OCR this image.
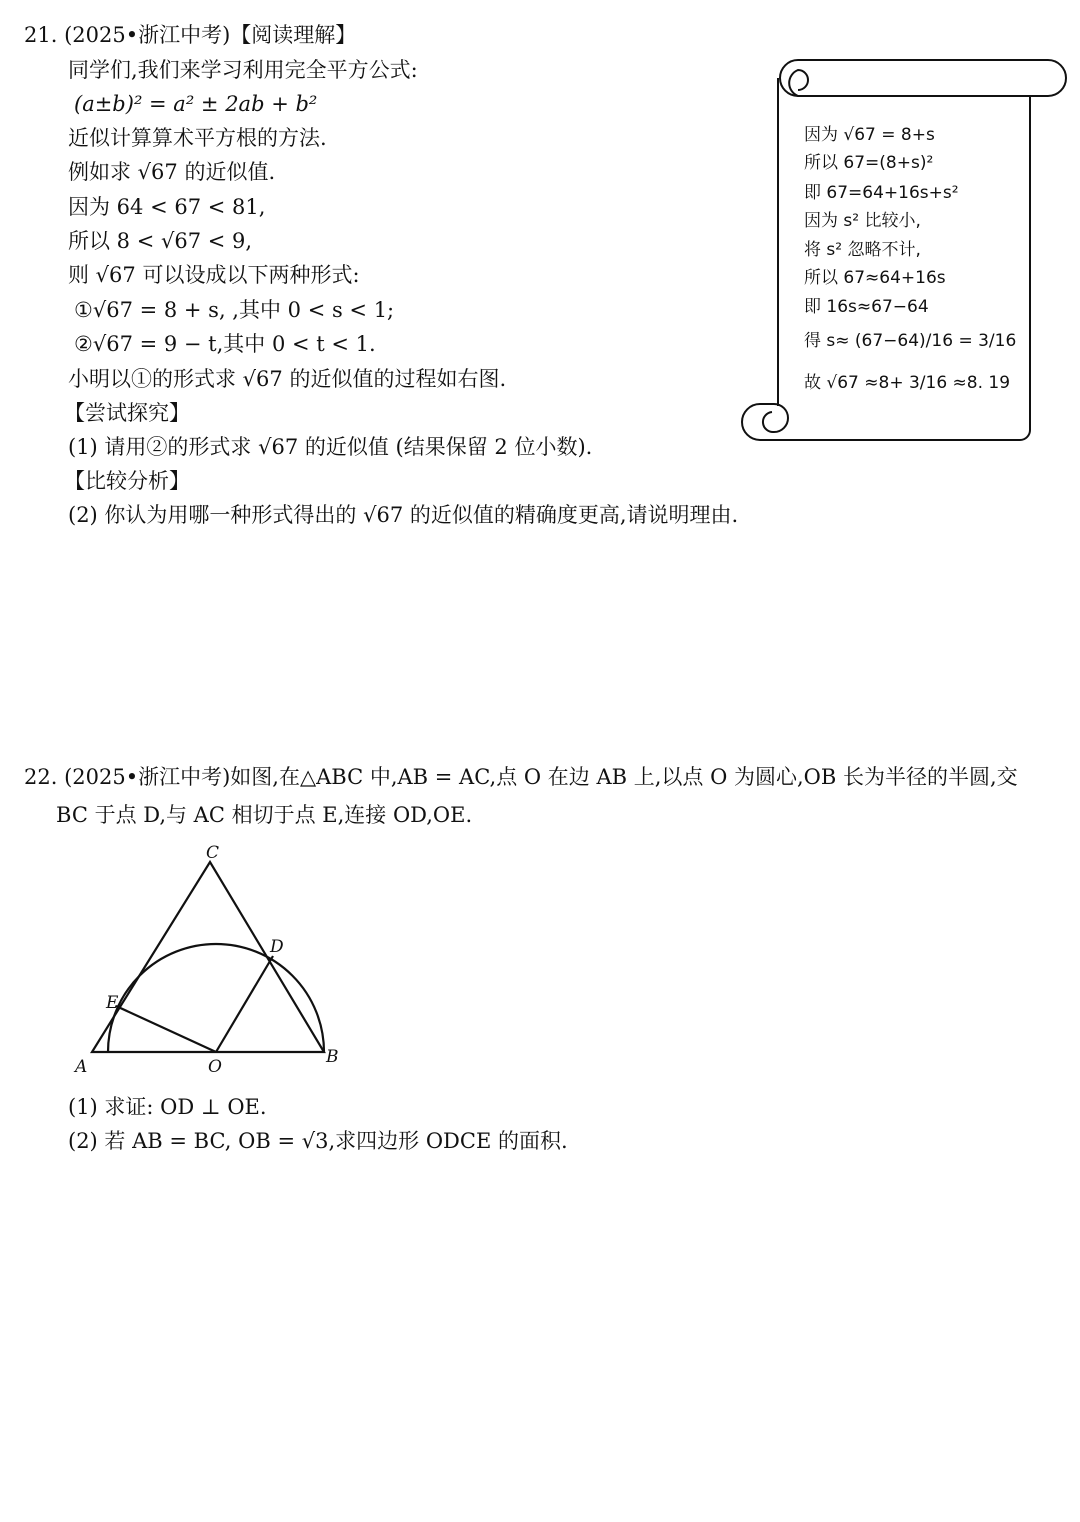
21. (2025•浙江中考)【阅读理解】
同学们,我们来学习利用完全平方公式:
(a±b)² = a² ± 2ab + b²
近似计算算术平方根的方法.
例如求 √67 的近似值.
因为 64 < 67 < 81,
所以 8 < √67 < 9,
则 √67 可以设成以下两种形式:
①√67 = 8 + s, ,其中 0 < s < 1;
②√67 = 9 − t,其中 0 < t < 1.
小明以①的形式求 √67 的近似值的过程如右图.
【尝试探究】
(1) 请用②的形式求 √67 的近似值 (结果保留 2 位小数).
【比较分析】
(2) 你认为用哪一种形式得出的 √67 的近似值的精确度更高,请说明理由.
因为 √67 = 8+s
所以 67=(8+s)²
即 67=64+16s+s²
因为 s² 比较小,
将 s² 忽略不计,
所以 67≈64+16s
即 16s≈67−64
得 s≈ (67−64)/16 = 3/16
故 √67 ≈8+ 3/16 ≈8. 19
22. (2025•浙江中考)如图,在△ABC 中,AB = AC,点 O 在边 AB 上,以点 O 为圆心,OB 长为半径的半圆,交
BC 于点 D,与 AC 相切于点 E,连接 OD,OE.
C
D
E
A	O	B
(1) 求证: OD ⊥ OE.
(2) 若 AB = BC, OB = √3,求四边形 ODCE 的面积.
